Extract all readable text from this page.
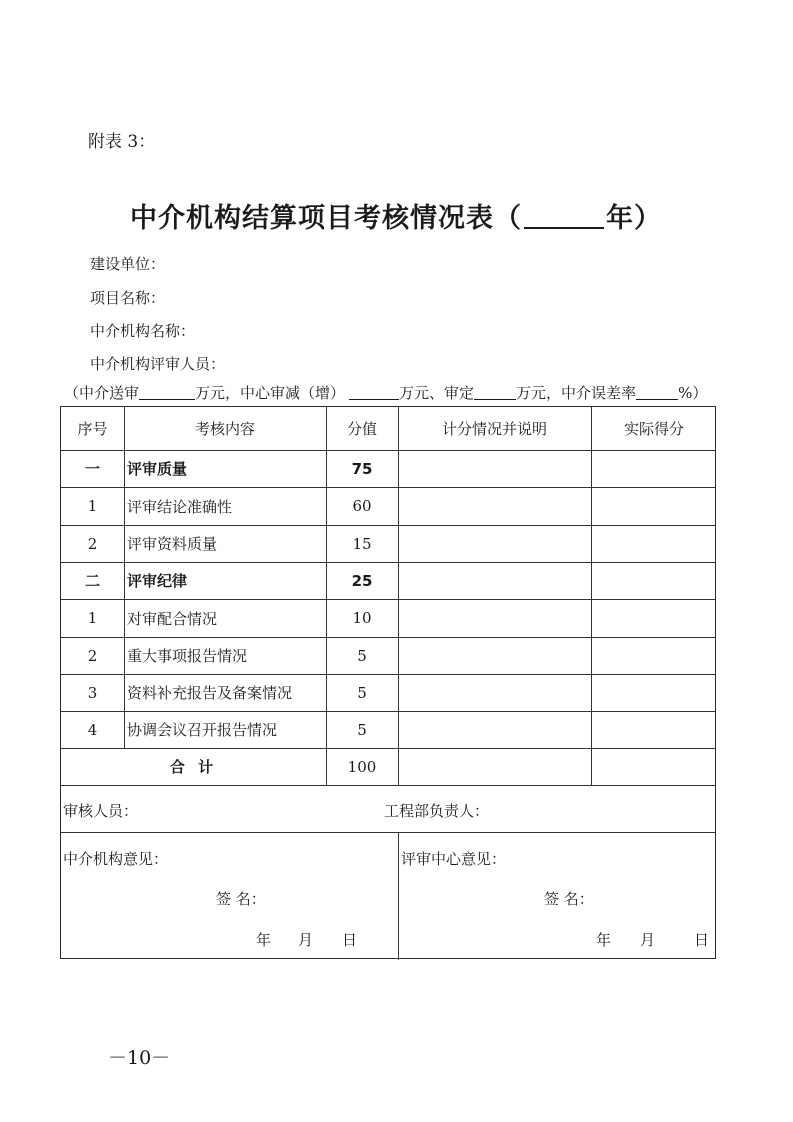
附表 3：
中介机构结算项目考核情况表（	年）
建设单位：
项目名称：
中介机构名称：
中介机构评审人员：
（中介送审	万元，中心审减（增）	万元、审定	万元，中介误差率	%）
序号	考核内容	分值	计分情况并说明	实际得分
一	评审质量	75
1	评审结论准确性	60
2	评审资料质量	15
二	评审纪律	25
1	对审配合情况	10
2	重大事项报告情况	5
3	资料补充报告及备案情况	5
4	协调会议召开报告情况	5
合 计	100
审核人员：	工程部负责人：
中介机构意见：
签 名：
年 月 日
评审中心意见：
签 名：
年 月	日
－10－
